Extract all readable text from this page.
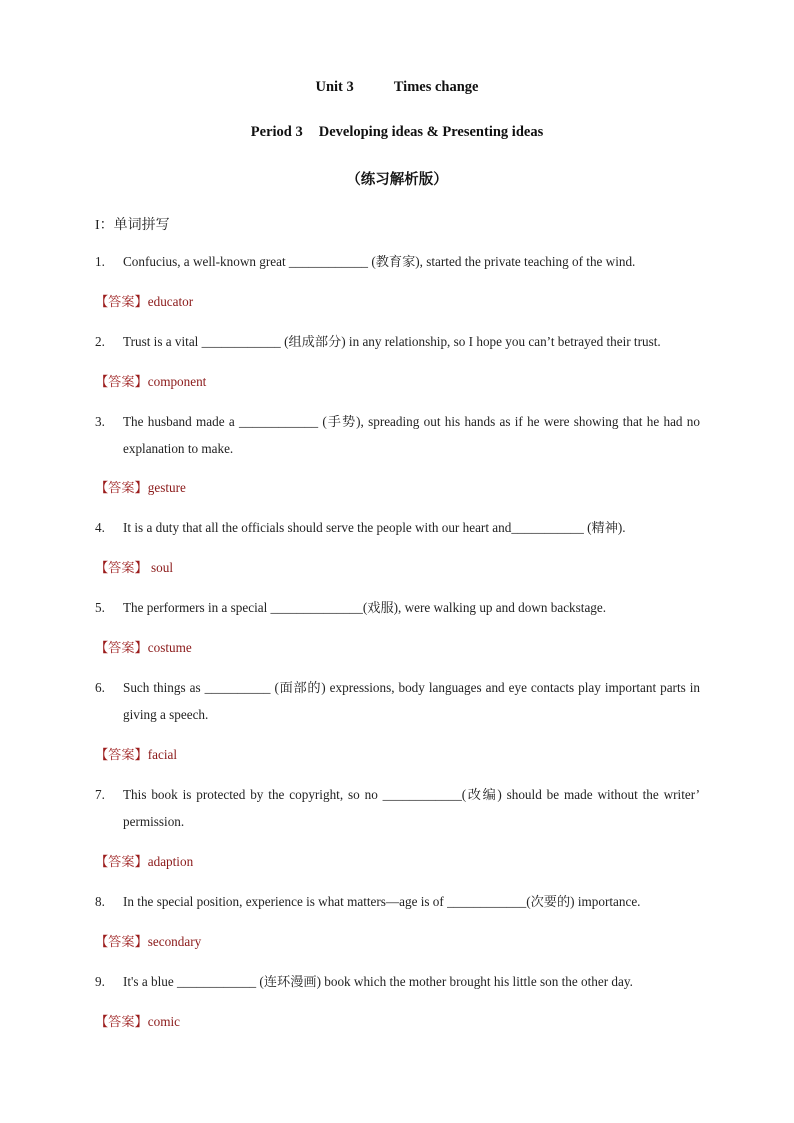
Unit 3	Times change
Period 3 Developing ideas & Presenting ideas
（练习解析版）
I：单词拼写
1. Confucius, a well-known great ____________ (教育家), started the private teaching of the wind.
【答案】educator
2. Trust is a vital ____________ (组成部分) in any relationship, so I hope you can’t betrayed their trust.
【答案】component
3. The husband made a ____________ (手势), spreading out his hands as if he were showing that he had no explanation to make.
【答案】gesture
4. It is a duty that all the officials should serve the people with our heart and___________ (精神).
【答案】 soul
5. The performers in a special ______________(戏服), were walking up and down backstage.
【答案】costume
6. Such things as __________ (面部的) expressions, body languages and eye contacts play important parts in giving a speech.
【答案】facial
7. This book is protected by the copyright, so no ____________(改编) should be made without the writer’ permission.
【答案】adaption
8. In the special position, experience is what matters—age is of ____________(次要的) importance.
【答案】secondary
9. It's a blue ____________ (连环漫画) book which the mother brought his little son the other day.
【答案】comic
